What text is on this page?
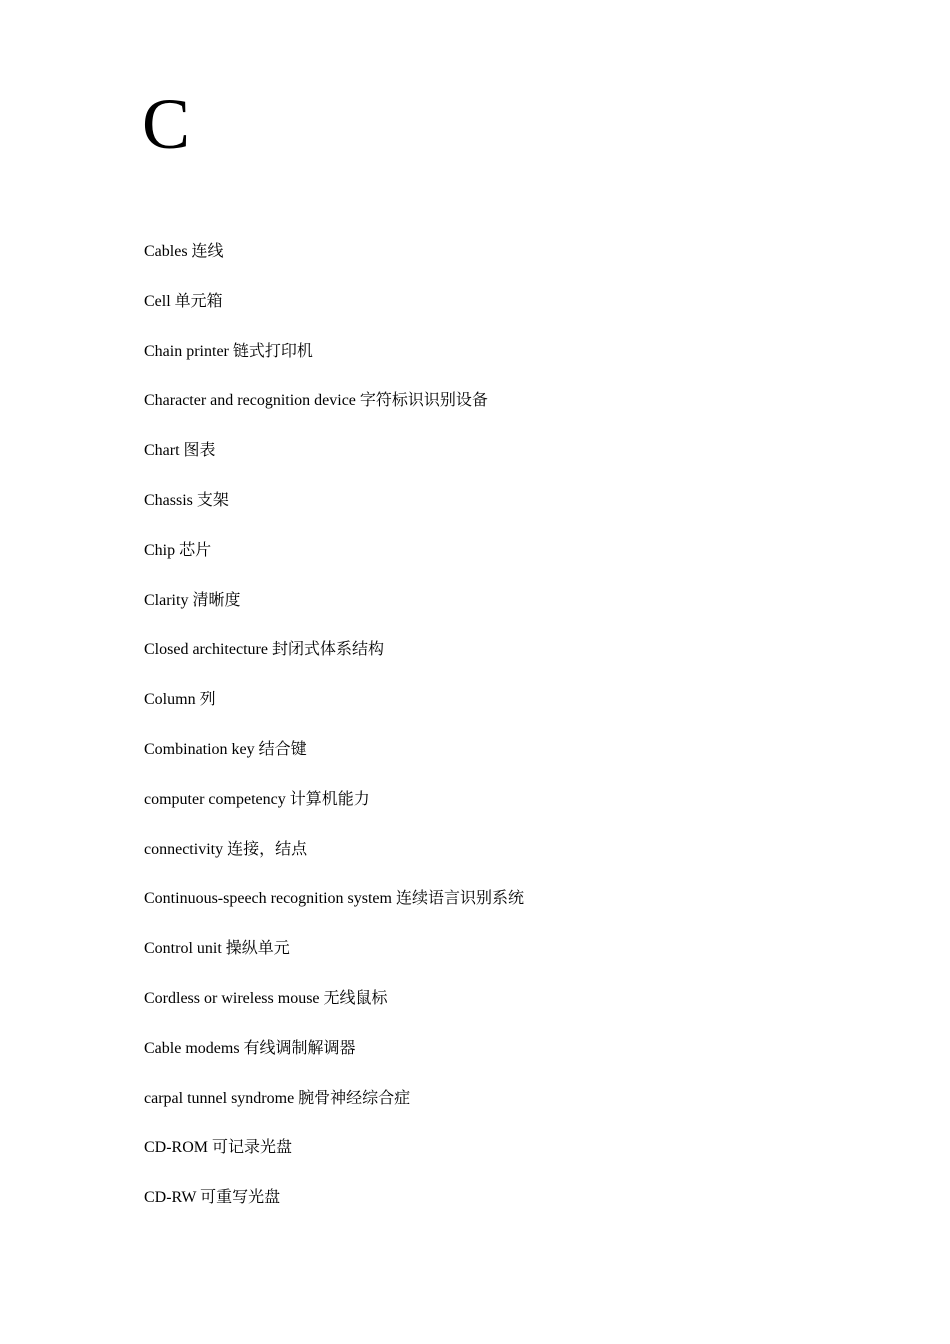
C
Cables 连线
Cell 单元箱
Chain printer 链式打印机
Character and recognition device 字符标识识别设备
Chart 图表
Chassis 支架
Chip 芯片
Clarity 清晰度
Closed architecture 封闭式体系结构
Column 列
Combination key 结合键
computer competency 计算机能力
connectivity 连接，结点
Continuous-speech recognition system 连续语言识别系统
Control unit 操纵单元
Cordless or wireless mouse 无线鼠标
Cable modems 有线调制解调器
carpal tunnel syndrome 腕骨神经综合症
CD-ROM 可记录光盘
CD-RW 可重写光盘
